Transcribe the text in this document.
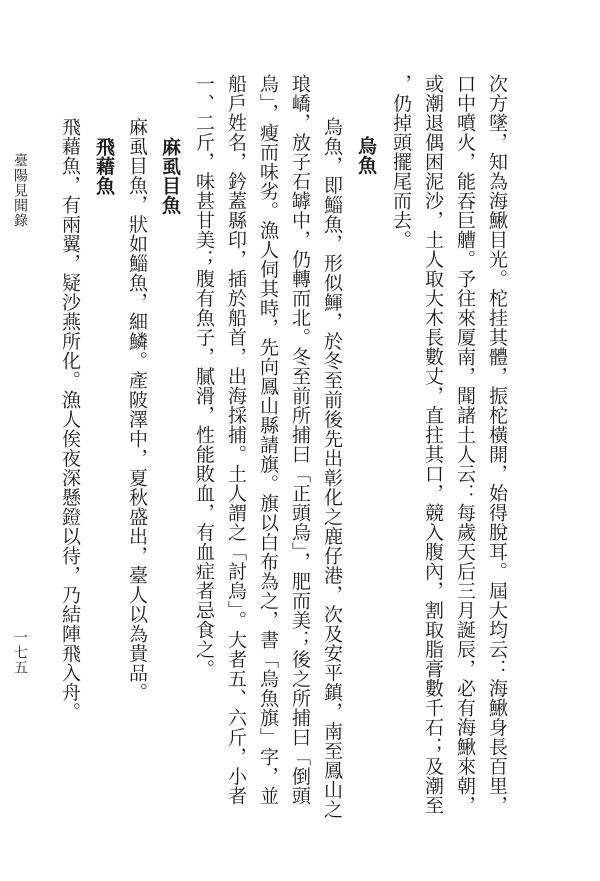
次方墜，知為海鰍目光。柁挂其體，振柁橫開，始得脫耳。屆大均云：海鰍身長百里，
口中噴火，能吞巨艚。予往來厦南，聞諸土人云：每歲天后三月誕辰，必有海鰍來朝，
或潮退偶困泥沙，土人取大木長數丈，直拄其口，競入腹內，割取脂膏數千石；及潮至
，仍掉頭擺尾而去。
烏魚
烏魚，即鯔魚，形似鯶，於冬至前後先出彰化之鹿仔港，次及安平鎮，南至鳳山之
琅嶠，放子石罅中，仍轉而北。冬至前所捕曰「正頭烏」，肥而美；後之所捕曰「倒頭
烏」，瘦而味劣。漁人伺其時，先向鳳山縣請旗。旗以白布為之，書「烏魚旗」字，並
船戶姓名，鈐蓋縣印，插於船首，出海採捕。土人謂之「討烏」。大者五、六斤，小者
一、二斤，味甚甘美；腹有魚子，膩滑，性能敗血，有血症者忌食之。
麻虱目魚
麻虱目魚，狀如鯔魚，細鱗。產陂澤中，夏秋盛出，臺人以為貴品。
飛藉魚
飛藉魚，有兩翼，疑沙燕所化。漁人俟夜深懸鐙以待，乃結陣飛入舟。
臺陽見聞錄
一七五
